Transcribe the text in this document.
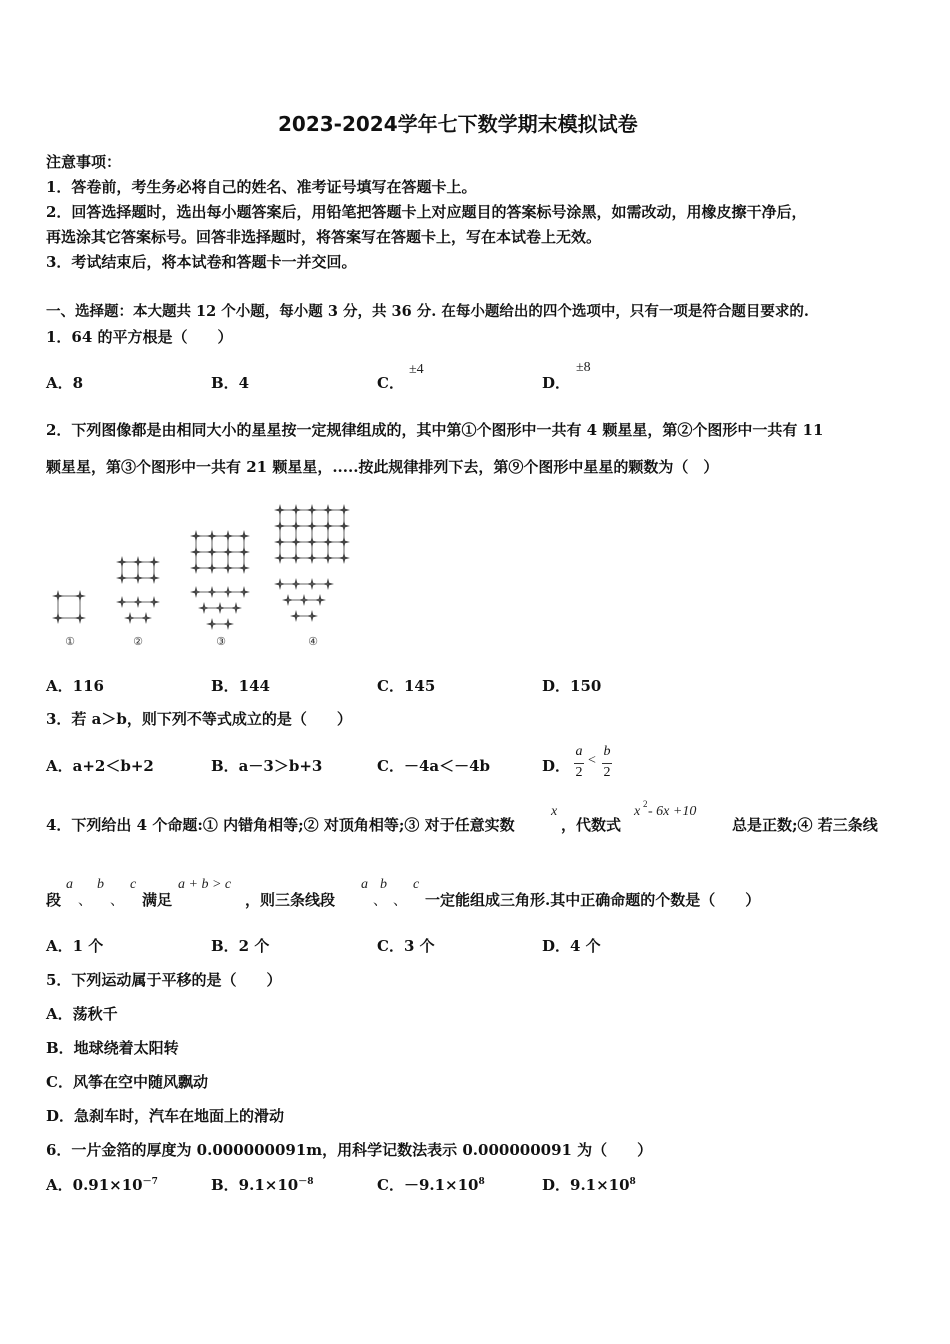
2023-2024学年七下数学期末模拟试卷
注意事项：
1．答卷前，考生务必将自己的姓名、准考证号填写在答题卡上。
2．回答选择题时，选出每小题答案后，用铅笔把答题卡上对应题目的答案标号涂黑，如需改动，用橡皮擦干净后，
再选涂其它答案标号。回答非选择题时，将答案写在答题卡上，写在本试卷上无效。
3．考试结束后，将本试卷和答题卡一并交回。
一、选择题：本大题共 12 个小题，每小题 3 分，共 36 分. 在每小题给出的四个选项中，只有一项是符合题目要求的.
1．64 的平方根是（　　）
A．8	B．4	C．
±4
D．
±8
2．下列图像都是由相同大小的星星按一定规律组成的，其中第①个图形中一共有 4 颗星星，第②个图形中一共有 11
颗星星，第③个图形中一共有 21 颗星星，.....按此规律排列下去，第⑨个图形中星星的颗数为（　）
①	②	③	④
A．116	B．144	C．145	D．150
3．若 a＞b，则下列不等式成立的是（　　）
A．a+2＜b+2	B．a－3＞b+3	C．－4a＜－4b	D．
a
2
<
b
2
4．下列给出 4 个命题:① 内错角相等;② 对顶角相等;③ 对于任意实数
x
，代数式
x 2 - 6x +10
总是正数;④ 若三条线
段
a
、
b
、
c
满足
a + b > c
，则三条线段
a
、
b
、
c
一定能组成三角形.其中正确命题的个数是（　　）
A．1 个	B．2 个	C．3 个	D．4 个
5．下列运动属于平移的是（　　）
A．荡秋千
B．地球绕着太阳转
C．风筝在空中随风飘动
D．急刹车时，汽车在地面上的滑动
6．一片金箔的厚度为 0.000000091m，用科学记数法表示 0.000000091 为（　　）
A．$0.91\times 10^{-7}$	B．$9.1\times 10^{-8}$	C．$-9.1\times 10^8$	D．$9.1\times 10^8$
